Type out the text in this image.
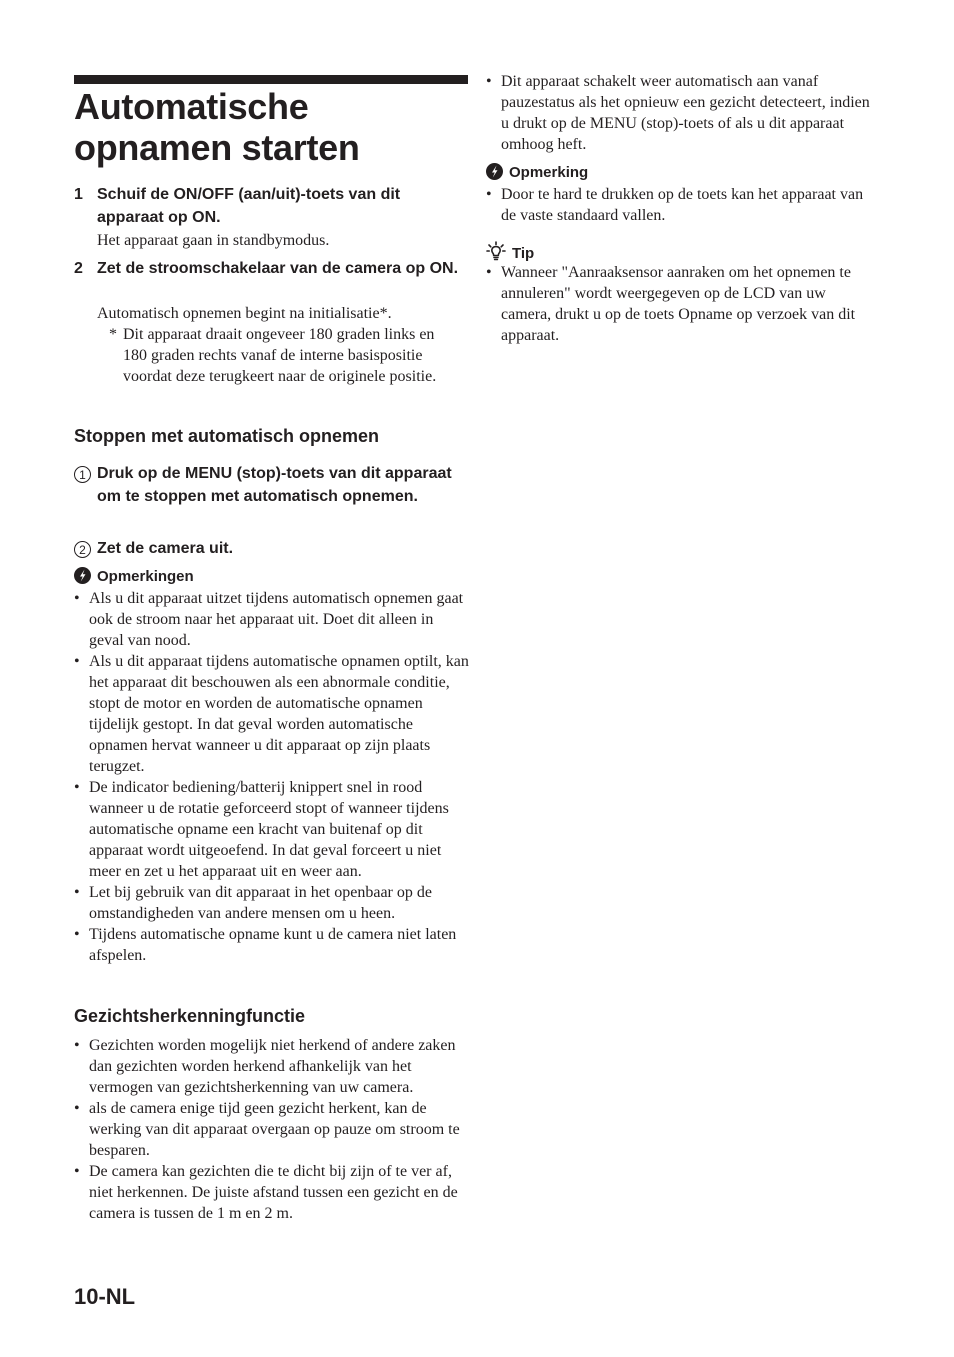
Automatische opnamen starten
1 Schuif de ON/OFF (aan/uit)-toets van dit apparaat op ON.
Het apparaat gaan in standbymodus.
2 Zet de stroomschakelaar van de camera op ON.
Automatisch opnemen begint na initialisatie*.
* Dit apparaat draait ongeveer 180 graden links en 180 graden rechts vanaf de interne basispositie voordat deze terugkeert naar de originele positie.
Stoppen met automatisch opnemen
1 Druk op de MENU (stop)-toets van dit apparaat om te stoppen met automatisch opnemen.
2 Zet de camera uit.
Opmerkingen
• Als u dit apparaat uitzet tijdens automatisch opnemen gaat ook de stroom naar het apparaat uit. Doet dit alleen in geval van nood.
• Als u dit apparaat tijdens automatische opnamen optilt, kan het apparaat dit beschouwen als een abnormale conditie, stopt de motor en worden de automatische opnamen tijdelijk gestopt. In dat geval worden automatische opnamen hervat wanneer u dit apparaat op zijn plaats terugzet.
• De indicator bediening/batterij knippert snel in rood wanneer u de rotatie geforceerd stopt of wanneer tijdens automatische opname een kracht van buitenaf op dit apparaat wordt uitgeoefend. In dat geval forceert u niet meer en zet u het apparaat uit en weer aan.
• Let bij gebruik van dit apparaat in het openbaar op de omstandigheden van andere mensen om u heen.
• Tijdens automatische opname kunt u de camera niet laten afspelen.
Gezichtsherkenningfunctie
• Gezichten worden mogelijk niet herkend of andere zaken dan gezichten worden herkend afhankelijk van het vermogen van gezichtsherkenning van uw camera.
• als de camera enige tijd geen gezicht herkent, kan de werking van dit apparaat overgaan op pauze om stroom te besparen.
• De camera kan gezichten die te dicht bij zijn of te ver af, niet herkennen. De juiste afstand tussen een gezicht en de camera is tussen de 1 m en 2 m.
• Dit apparaat schakelt weer automatisch aan vanaf pauzestatus als het opnieuw een gezicht detecteert, indien u drukt op de MENU (stop)-toets of als u dit apparaat omhoog heft.
Opmerking
• Door te hard te drukken op de toets kan het apparaat van de vaste standaard vallen.
Tip
• Wanneer "Aanraaksensor aanraken om het opnemen te annuleren" wordt weergegeven op de LCD van uw camera, drukt u op de toets Opname op verzoek van dit apparaat.
10-NL
